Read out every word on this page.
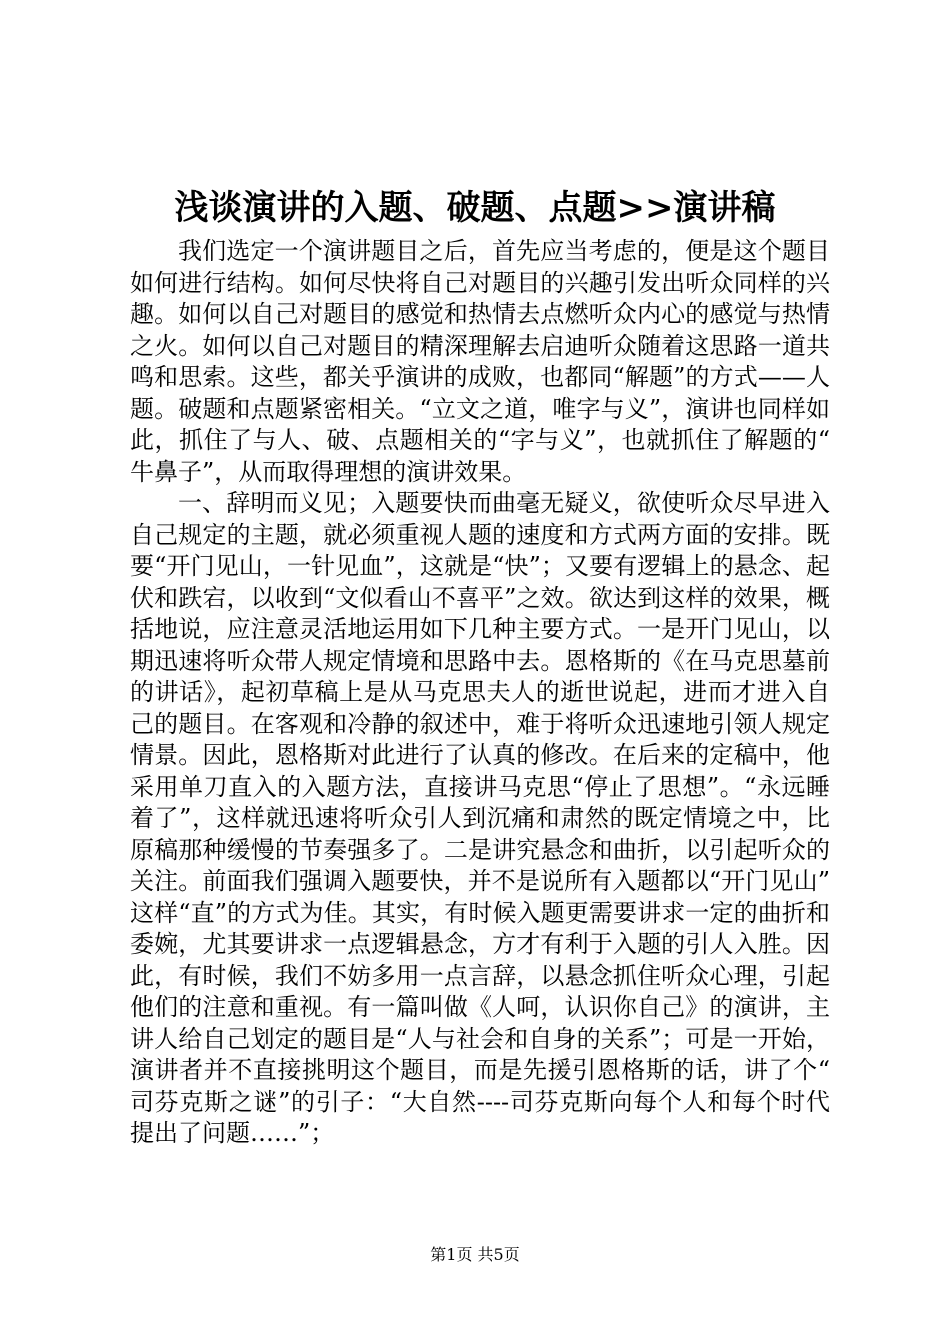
浅谈演讲的入题、破题、点题>>演讲稿

我们选定一个演讲题目之后，首先应当考虑的，便是这个题目如何进行结构。如何尽快将自己对题目的兴趣引发出听众同样的兴趣。如何以自己对题目的感觉和热情去点燃听众内心的感觉与热情之火。如何以自己对题目的精深理解去启迪听众随着这思路一道共鸣和思索。这些，都关乎演讲的成败，也都同“解题”的方式——人题。破题和点题紧密相关。“立文之道，唯字与义”，演讲也同样如此，抓住了与人、破、点题相关的“字与义”，也就抓住了解题的“牛鼻子”，从而取得理想的演讲效果。

一、辞明而义见；入题要快而曲毫无疑义，欲使听众尽早进入自己规定的主题，就必须重视人题的速度和方式两方面的安排。既要“开门见山，一针见血”，这就是“快”；又要有逻辑上的悬念、起伏和跌宕，以收到“文似看山不喜平”之效。欲达到这样的效果，概括地说，应注意灵活地运用如下几种主要方式。一是开门见山，以期迅速将听众带人规定情境和思路中去。恩格斯的《在马克思墓前的讲话》，起初草稿上是从马克思夫人的逝世说起，进而才进入自己的题目。在客观和冷静的叙述中，难于将听众迅速地引领人规定情景。因此，恩格斯对此进行了认真的修改。在后来的定稿中，他采用单刀直入的入题方法，直接讲马克思“停止了思想”。“永远睡着了”，这样就迅速将听众引人到沉痛和肃然的既定情境之中，比原稿那种缓慢的节奏强多了。二是讲究悬念和曲折，以引起听众的关注。前面我们强调入题要快，并不是说所有入题都以“开门见山”这样“直”的方式为佳。其实，有时候入题更需要讲求一定的曲折和委婉，尤其要讲求一点逻辑悬念，方才有利于入题的引人入胜。因此，有时候，我们不妨多用一点言辞，以悬念抓住听众心理，引起他们的注意和重视。有一篇叫做《人呵，认识你自己》的演讲，主讲人给自己划定的题目是“人与社会和自身的关系”；可是一开始，演讲者并不直接挑明这个题目，而是先援引恩格斯的话，讲了个“司芬克斯之谜”的引子：“大自然----司芬克斯向每个人和每个时代提出了问题……”；

第1页 共5页
